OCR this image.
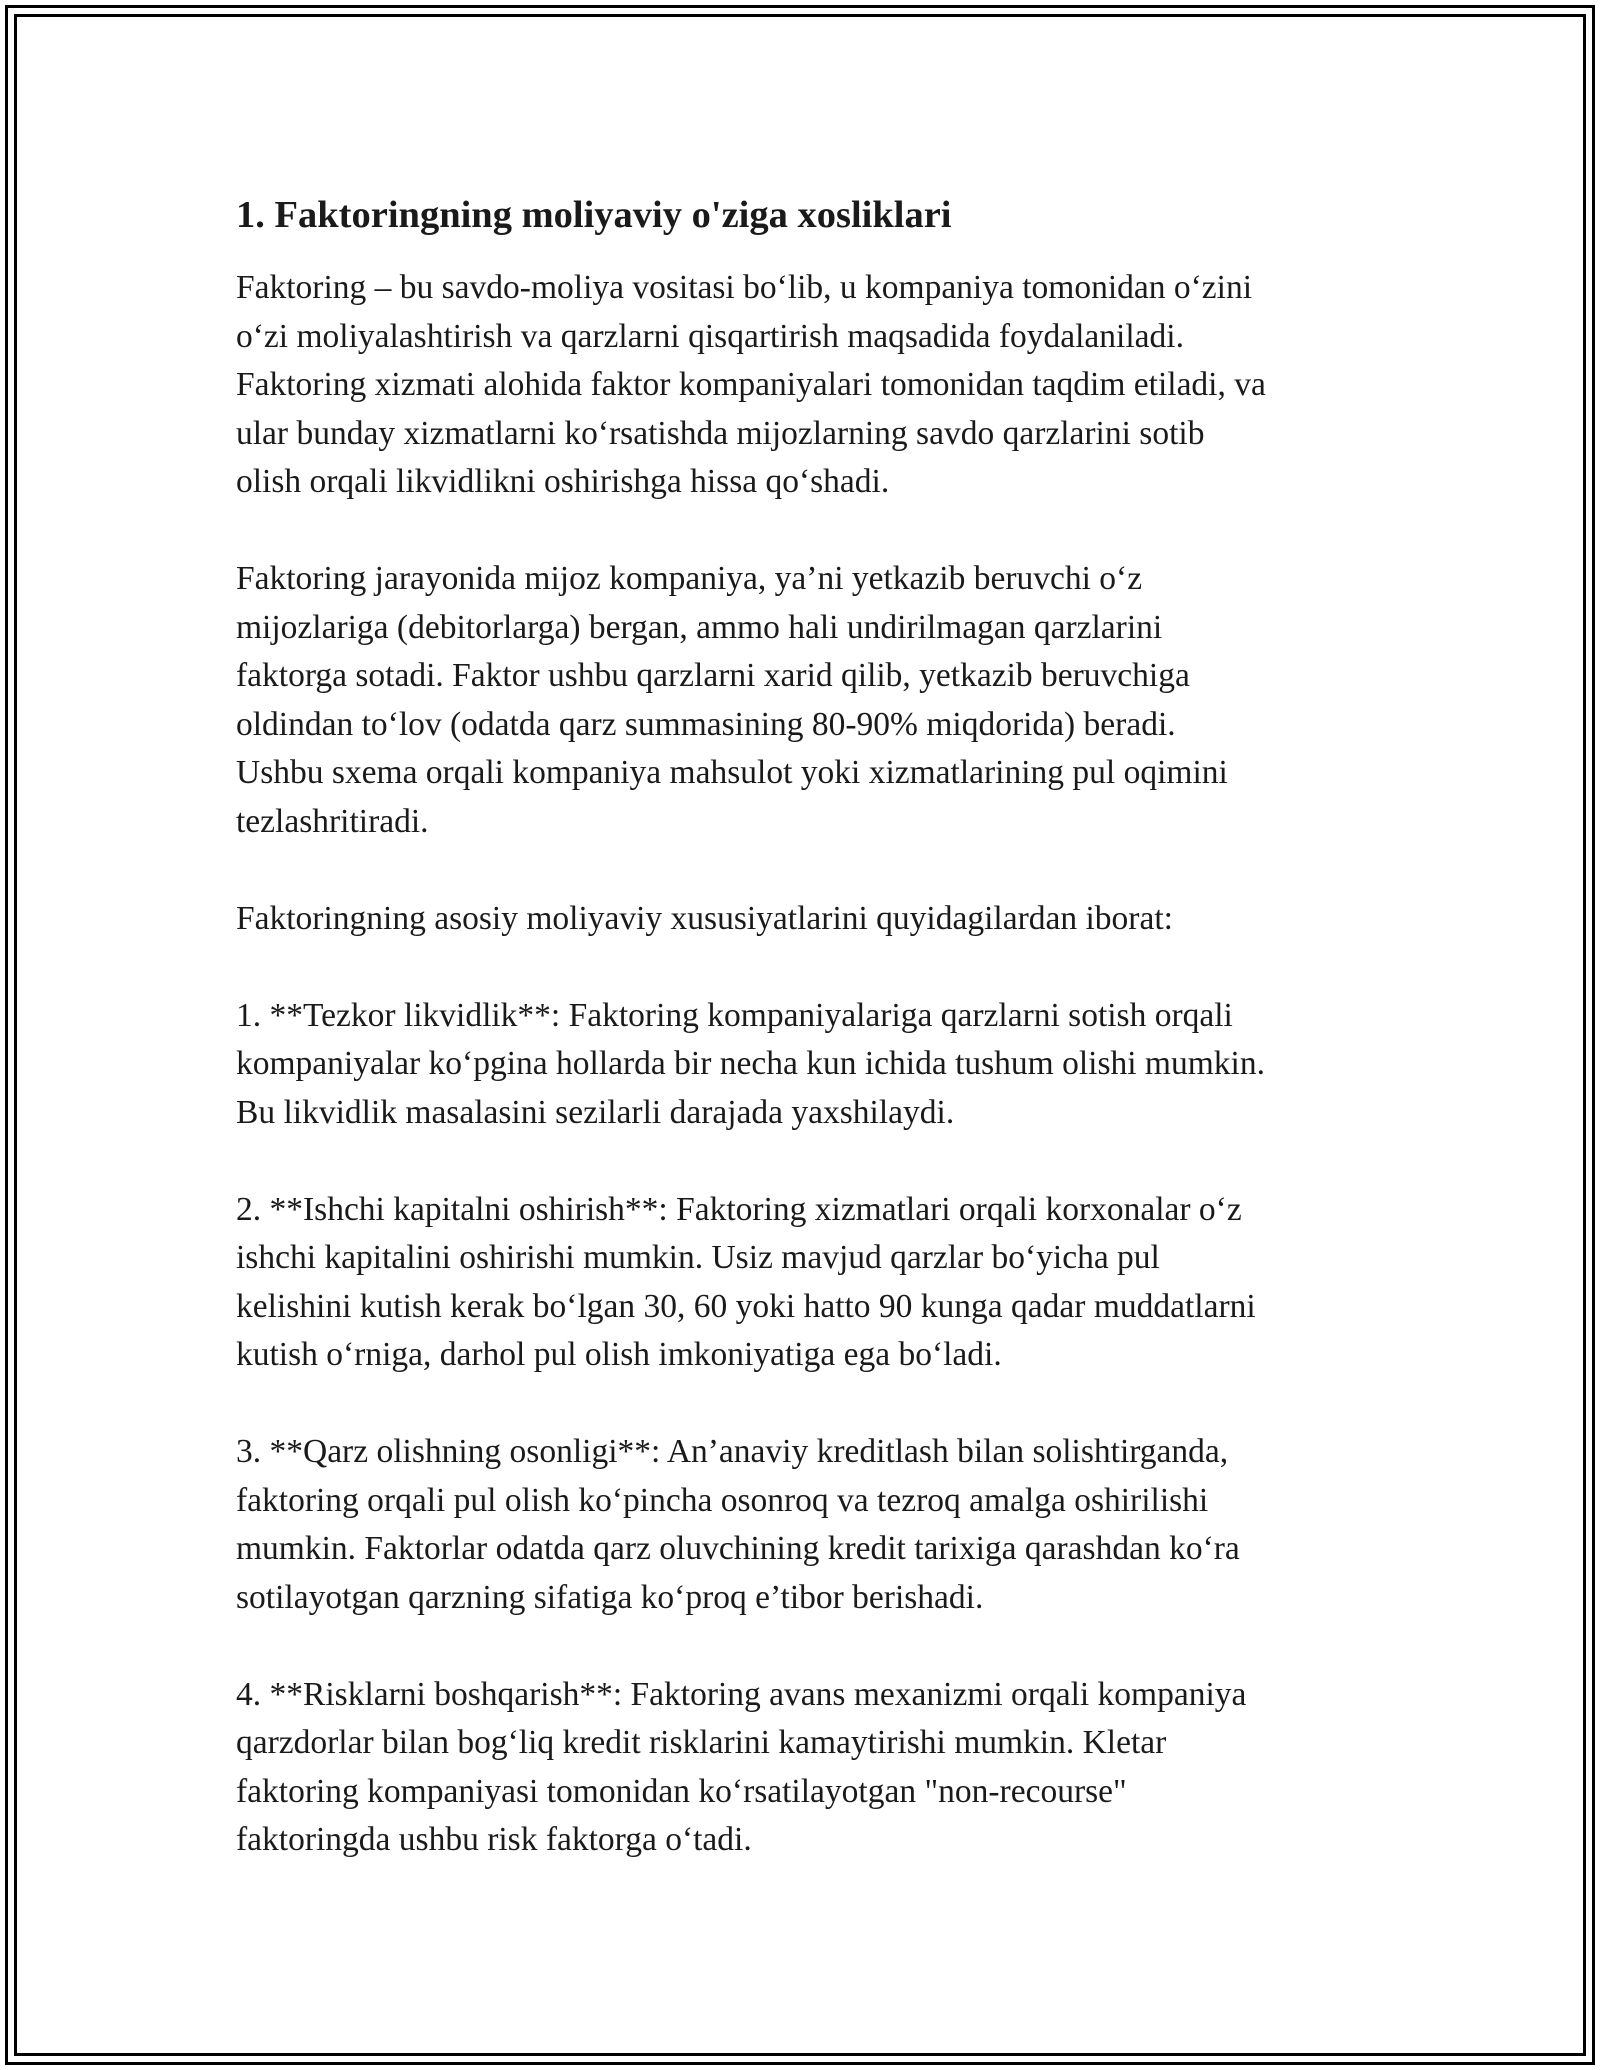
1. Faktoringning moliyaviy o'ziga xosliklari

Faktoring – bu savdo-moliya vositasi bo‘lib, u kompaniya tomonidan o‘zini
o‘zi moliyalashtirish va qarzlarni qisqartirish maqsadida foydalaniladi.
Faktoring xizmati alohida faktor kompaniyalari tomonidan taqdim etiladi, va
ular bunday xizmatlarni ko‘rsatishda mijozlarning savdo qarzlarini sotib
olish orqali likvidlikni oshirishga hissa qo‘shadi.

Faktoring jarayonida mijoz kompaniya, ya’ni yetkazib beruvchi o‘z
mijozlariga (debitorlarga) bergan, ammo hali undirilmagan qarzlarini
faktorga sotadi. Faktor ushbu qarzlarni xarid qilib, yetkazib beruvchiga
oldindan to‘lov (odatda qarz summasining 80-90% miqdorida) beradi.
Ushbu sxema orqali kompaniya mahsulot yoki xizmatlarining pul oqimini
tezlashritiradi.

Faktoringning asosiy moliyaviy xususiyatlarini quyidagilardan iborat:

1. **Tezkor likvidlik**: Faktoring kompaniyalariga qarzlarni sotish orqali
kompaniyalar ko‘pgina hollarda bir necha kun ichida tushum olishi mumkin.
Bu likvidlik masalasini sezilarli darajada yaxshilaydi.

2. **Ishchi kapitalni oshirish**: Faktoring xizmatlari orqali korxonalar o‘z
ishchi kapitalini oshirishi mumkin. Usiz mavjud qarzlar bo‘yicha pul
kelishini kutish kerak bo‘lgan 30, 60 yoki hatto 90 kunga qadar muddatlarni
kutish o‘rniga, darhol pul olish imkoniyatiga ega bo‘ladi.

3. **Qarz olishning osonligi**: An’anaviy kreditlash bilan solishtirganda,
faktoring orqali pul olish ko‘pincha osonroq va tezroq amalga oshirilishi
mumkin. Faktorlar odatda qarz oluvchining kredit tarixiga qarashdan ko‘ra
sotilayotgan qarzning sifatiga ko‘proq e’tibor berishadi.

4. **Risklarni boshqarish**: Faktoring avans mexanizmi orqali kompaniya
qarzdorlar bilan bog‘liq kredit risklarini kamaytirishi mumkin. Kletar
faktoring kompaniyasi tomonidan ko‘rsatilayotgan "non-recourse"
faktoringda ushbu risk faktorga o‘tadi.
